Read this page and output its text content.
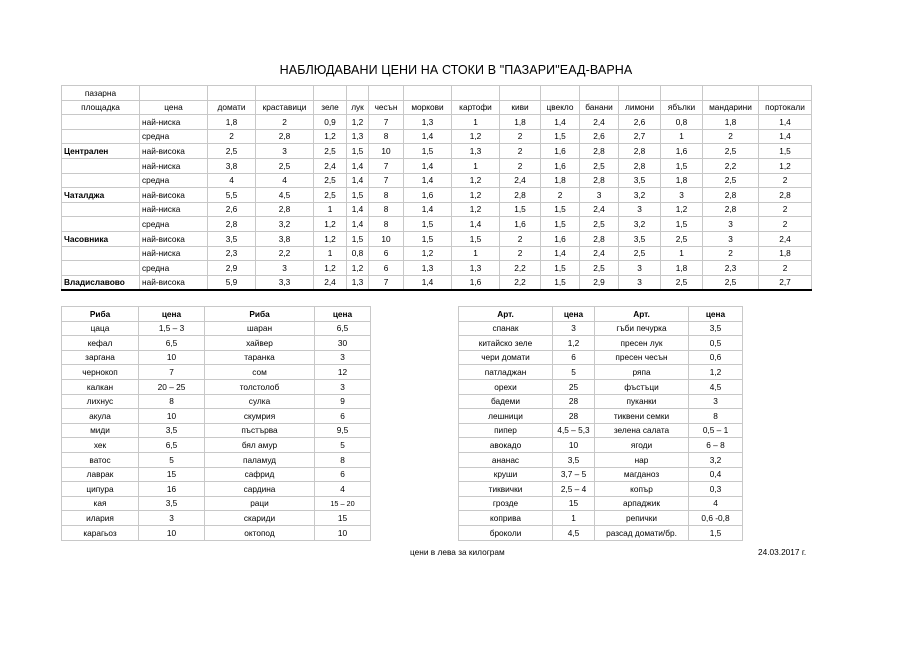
НАБЛЮДАВАНИ ЦЕНИ НА СТОКИ В "ПАЗАРИ"ЕАД-ВАРНА
пазарна															
площадка	цена	домати	краставици	зеле	лук	чесън	моркови	картофи	киви	цвекло	банани	лимони	ябълки	мандарини	портокали
	най-ниска	1,8	2	0,9	1,2	7	1,3	1	1,8	1,4	2,4	2,6	0,8	1,8	1,4
	средна	2	2,8	1,2	1,3	8	1,4	1,2	2	1,5	2,6	2,7	1	2	1,4
Централен	най-висока	2,5	3	2,5	1,5	10	1,5	1,3	2	1,6	2,8	2,8	1,6	2,5	1,5
	най-ниска	3,8	2,5	2,4	1,4	7	1,4	1	2	1,6	2,5	2,8	1,5	2,2	1,2
	средна	4	4	2,5	1,4	7	1,4	1,2	2,4	1,8	2,8	3,5	1,8	2,5	2
Чаталджа	най-висока	5,5	4,5	2,5	1,5	8	1,6	1,2	2,8	2	3	3,2	3	2,8	2,8
	най-ниска	2,6	2,8	1	1,4	8	1,4	1,2	1,5	1,5	2,4	3	1,2	2,8	2
	средна	2,8	3,2	1,2	1,4	8	1,5	1,4	1,6	1,5	2,5	3,2	1,5	3	2
Часовника	най-висока	3,5	3,8	1,2	1,5	10	1,5	1,5	2	1,6	2,8	3,5	2,5	3	2,4
	най-ниска	2,3	2,2	1	0,8	6	1,2	1	2	1,4	2,4	2,5	1	2	1,8
	средна	2,9	3	1,2	1,2	6	1,3	1,3	2,2	1,5	2,5	3	1,8	2,3	2
Владиславово	най-висока	5,9	3,3	2,4	1,3	7	1,4	1,6	2,2	1,5	2,9	3	2,5	2,5	2,7
Риба	цена	Риба	цена
цаца	1,5 – 3	шаран	6,5
кефал	6,5	хайвер	30
заргана	10	таранка	3
чернокоп	7	сом	12
калкан	20 – 25	толстолоб	3
лихнус	8	сулка	9
акула	10	скумрия	6
миди	3,5	пъстърва	9,5
хек	6,5	бял амур	5
ватос	5	паламуд	8
лаврак	15	сафрид	6
ципура	16	сардина	4
кая	3,5	раци	15 – 20
илария	3	скариди	15
карагьоз	10	октопод	10
Арт.	цена	Арт.	цена
спанак	3	гъби печурка	3,5
китайско зеле	1,2	пресен лук	0,5
чери домати	6	пресен чесън	0,6
патладжан	5	ряпа	1,2
орехи	25	фъстъци	4,5
бадеми	28	пуканки	3
лешници	28	тиквени семки	8
пипер	4,5 – 5,3	зелена салата	0,5 – 1
авокадо	10	ягоди	6 – 8
ананас	3,5	нар	3,2
круши	3,7 – 5	магданоз	0,4
тиквички	2,5 – 4	копър	0,3
грозде	15	арпаджик	4
коприва	1	репички	0,6 -0,8
броколи	4,5	разсад домати/бр.	1,5
цени в лева за килограм	24.03.2017 г.
